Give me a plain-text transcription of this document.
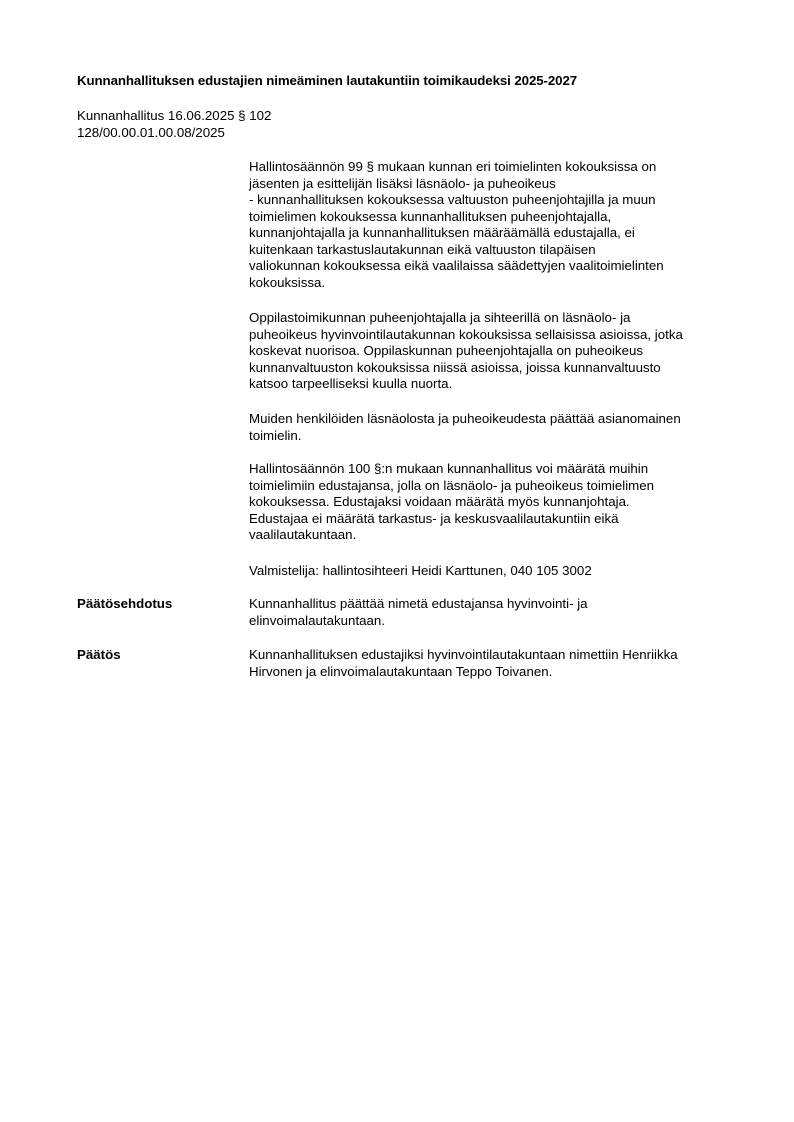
Kunnanhallituksen edustajien nimeäminen lautakuntiin toimikaudeksi 2025-2027
Kunnanhallitus 16.06.2025 § 102
128/00.00.01.00.08/2025
Hallintosäännön 99 § mukaan kunnan eri toimielinten kokouksissa on
jäsenten ja esittelijän lisäksi läsnäolo- ja puheoikeus
- kunnanhallituksen kokouksessa valtuuston puheenjohtajilla ja muun
toimielimen kokouksessa kunnanhallituksen puheenjohtajalla,
kunnanjohtajalla ja kunnanhallituksen määräämällä edustajalla, ei
kuitenkaan tarkastuslautakunnan eikä valtuuston tilapäisen
valiokunnan kokouksessa eikä vaalilaissa säädettyjen vaalitoimielinten
kokouksissa.
Oppilastoimikunnan puheenjohtajalla ja sihteerillä on läsnäolo- ja
puheoikeus hyvinvointilautakunnan kokouksissa sellaisissa asioissa, jotka
koskevat nuorisoa. Oppilaskunnan puheenjohtajalla on puheoikeus
kunnanvaltuuston kokouksissa niissä asioissa, joissa kunnanvaltuusto
katsoo tarpeelliseksi kuulla nuorta.
Muiden henkilöiden läsnäolosta ja puheoikeudesta päättää asianomainen
toimielin.
Hallintosäännön 100 §:n mukaan kunnanhallitus voi määrätä muihin
toimielimiin edustajansa, jolla on läsnäolo- ja puheoikeus toimielimen
kokouksessa. Edustajaksi voidaan määrätä myös kunnanjohtaja.
Edustajaa ei määrätä tarkastus- ja keskusvaalilautakuntiin eikä
vaalilautakuntaan.
Valmistelija: hallintosihteeri Heidi Karttunen, 040 105 3002
Päätösehdotus	Kunnanhallitus päättää nimetä edustajansa hyvinvointi- ja
elinvoimalautakuntaan.
Päätös	Kunnanhallituksen edustajiksi hyvinvointilautakuntaan nimettiin Henriikka
Hirvonen ja elinvoimalautakuntaan Teppo Toivanen.
